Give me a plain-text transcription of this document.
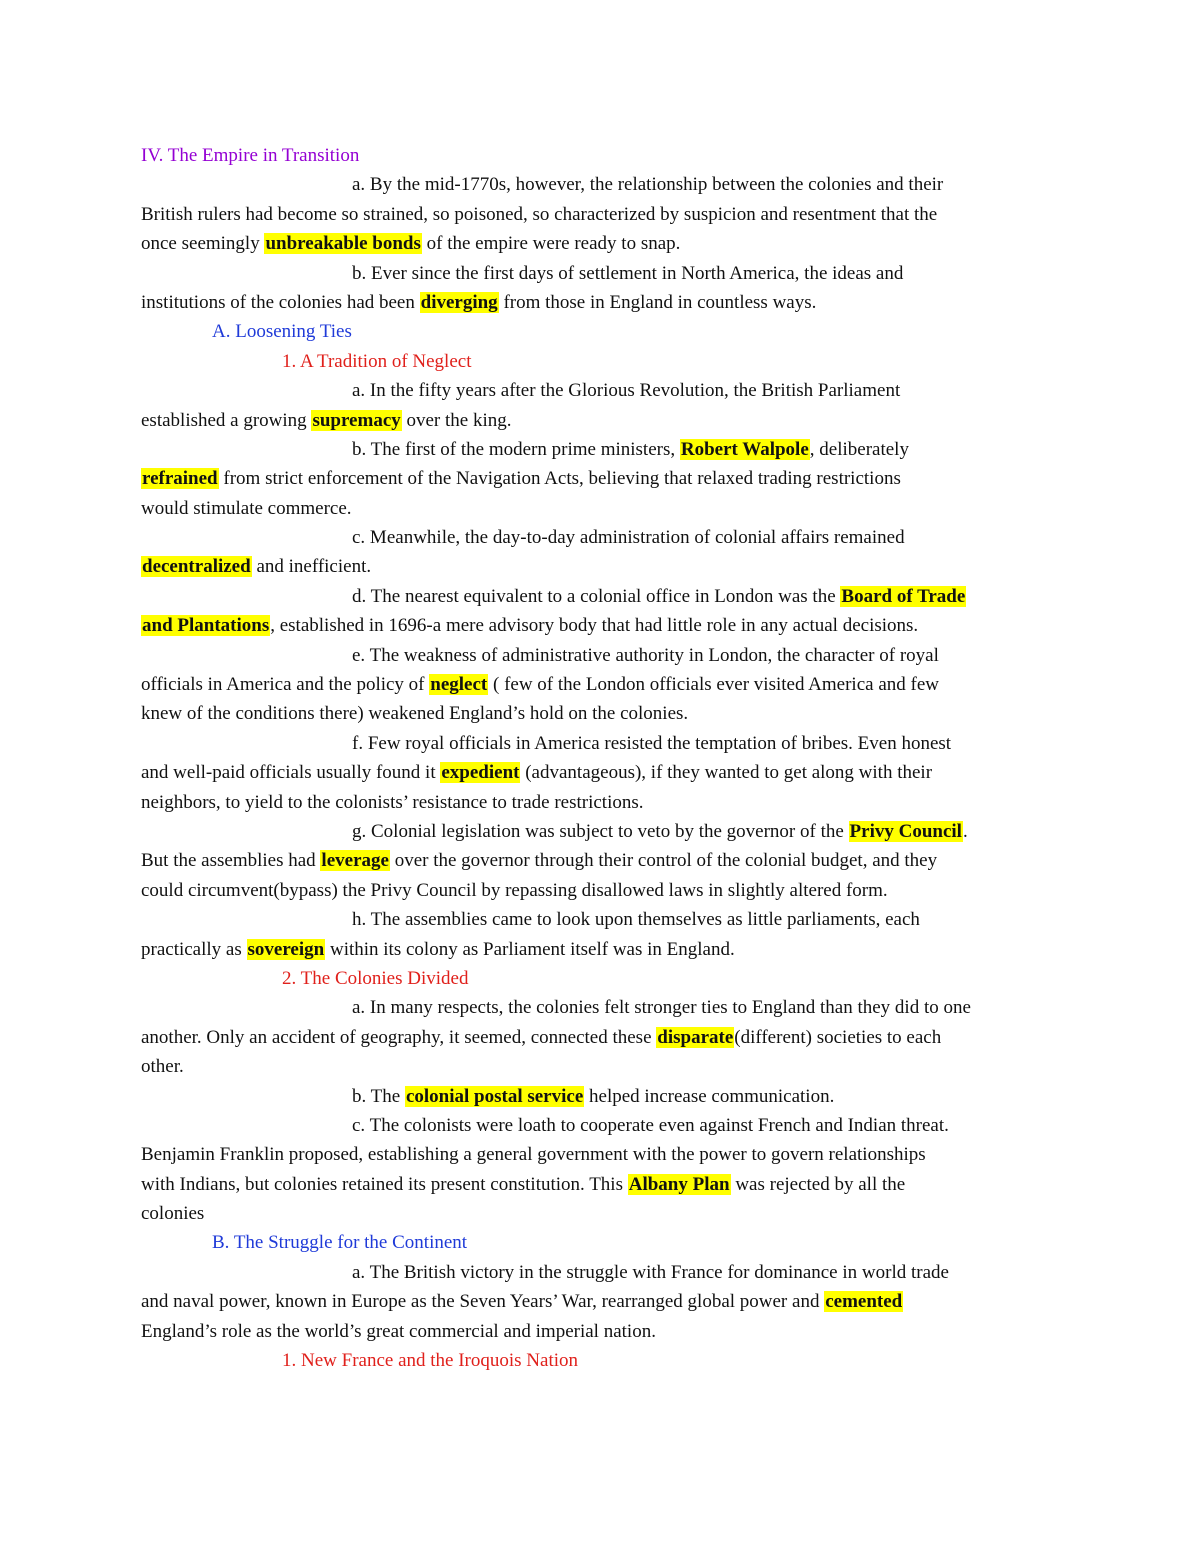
IV. The Empire in Transition
a. By the mid-1770s, however, the relationship between the colonies and their
British rulers had become so strained, so poisoned, so characterized by suspicion and resentment that the
once seemingly unbreakable bonds of the empire were ready to snap.
b. Ever since the first days of settlement in North America, the ideas and
institutions of the colonies had been diverging from those in England in countless ways.
A. Loosening Ties
1. A Tradition of Neglect
a. In the fifty years after the Glorious Revolution, the British Parliament
established a growing supremacy over the king.
b. The first of the modern prime ministers, Robert Walpole, deliberately
refrained from strict enforcement of the Navigation Acts, believing that relaxed trading restrictions
would stimulate commerce.
c. Meanwhile, the day-to-day administration of colonial affairs remained
decentralized and inefficient.
d. The nearest equivalent to a colonial office in London was the Board of Trade
and Plantations, established in 1696-a mere advisory body that had little role in any actual decisions.
e. The weakness of administrative authority in London, the character of royal
officials in America and the policy of neglect ( few of the London officials ever visited America and few
knew of the conditions there) weakened England’s hold on the colonies.
f. Few royal officials in America resisted the temptation of bribes. Even honest
and well-paid officials usually found it expedient (advantageous), if they wanted to get along with their
neighbors, to yield to the colonists’ resistance to trade restrictions.
g. Colonial legislation was subject to veto by the governor of the Privy Council.
But the assemblies had leverage over the governor through their control of the colonial budget, and they
could circumvent(bypass) the Privy Council by repassing disallowed laws in slightly altered form.
h. The assemblies came to look upon themselves as little parliaments, each
practically as sovereign within its colony as Parliament itself was in England.
2. The Colonies Divided
a. In many respects, the colonies felt stronger ties to England than they did to one
another. Only an accident of geography, it seemed, connected these disparate(different) societies to each
other.
b. The colonial postal service helped increase communication.
c. The colonists were loath to cooperate even against French and Indian threat.
Benjamin Franklin proposed, establishing a general government with the power to govern relationships
with Indians, but colonies retained its present constitution. This Albany Plan was rejected by all the
colonies
B. The Struggle for the Continent
a. The British victory in the struggle with France for dominance in world trade
and naval power, known in Europe as the Seven Years’ War, rearranged global power and cemented
England’s role as the world’s great commercial and imperial nation.
1. New France and the Iroquois Nation
